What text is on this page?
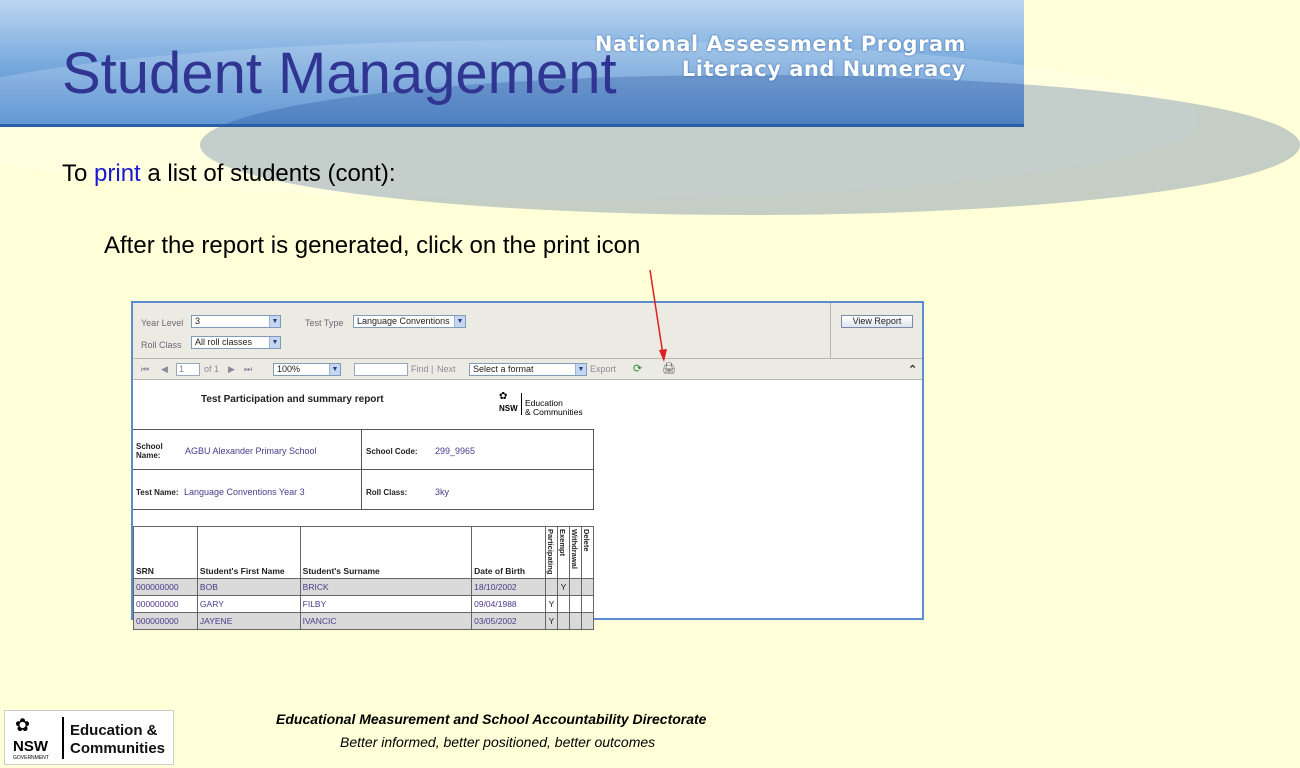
National Assessment Program
Literacy and Numeracy
Student Management
To print a list of students (cont):
After the report is generated, click on the print icon
Year Level	3	▼	Test Type	Language Conventions ▼
Roll Class	All roll classes	▼
View Report
⏮ ◀	1	of 1 ▶ ⏭	100%	▼	Find | Next	Select a format	▼ Export ⟳ 🖨	⌃
Test Participation and summary report	✿
NSW
Education
& Communities
School Name:	AGBU Alexander Primary School	School Code: 299_9965
Test Name: Language Conventions Year 3	Roll Class:	3ky
SRN	Student's First Name	Student's Surname	Date of Birth	Participating	Exempt	Withdrawal	Delete
000000000	BOB	BRICK	18/10/2002		Y		
000000000	GARY	FILBY	09/04/1988	Y			
000000000	JAYENE	IVANCIC	03/05/2002	Y			
✿
NSW
GOVERNMENT
Education &
Communities
Educational Measurement and School Accountability Directorate
Better informed, better positioned, better outcomes
